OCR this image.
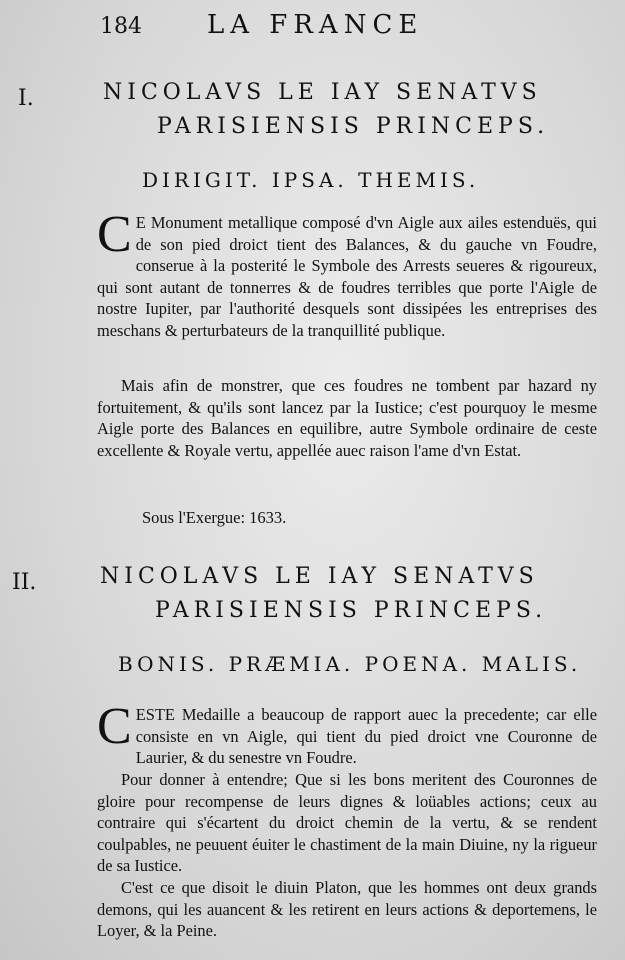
184	LA FRANCE
I.	NICOLAVS LE IAY SENATVS
PARISIENSIS PRINCEPS.
DIRIGIT. IPSA. THEMIS.

C E Monument metallique composé d'vn Aigle aux ailes estenduës, qui de son pied droict tient des Balances, & du gauche vn Foudre, conserue à la posterité le Symbole des Arrests seueres & rigoureux, qui sont autant de tonnerres & de foudres terribles que porte l'Aigle de nostre Iupiter, par l'authorité desquels sont dissipées les entreprises des meschans & perturbateurs de la tranquillité publique.

Mais afin de monstrer, que ces foudres ne tombent par hazard ny fortuitement, & qu'ils sont lancez par la Iustice; c'est pourquoy le mesme Aigle porte des Balances en equilibre, autre Symbole ordinaire de ceste excellente & Royale vertu, appellée auec raison l'ame d'vn Estat.

Sous l'Exergue: 1633.
II.	NICOLAVS LE IAY SENATVS
PARISIENSIS PRINCEPS.
BONIS. PRÆMIA. POENA. MALIS.

CESTE Medaille a beaucoup de rapport auec la precedente; car elle consiste en vn Aigle, qui tient du pied droict vne Couronne de Laurier, & du senestre vn Foudre.

Pour donner à entendre; Que si les bons meritent des Couronnes de gloire pour recompense de leurs dignes & loüables actions; ceux au contraire qui s'écartent du droict chemin de la vertu, & se rendent coulpables, ne peuuent éuiter le chastiment de la main Diuine, ny la rigueur de sa Iustice.

C'est ce que disoit le diuin Platon, que les hommes ont deux grands demons, qui les auancent & les retirent en leurs actions & deportemens, le Loyer, & la Peine.
